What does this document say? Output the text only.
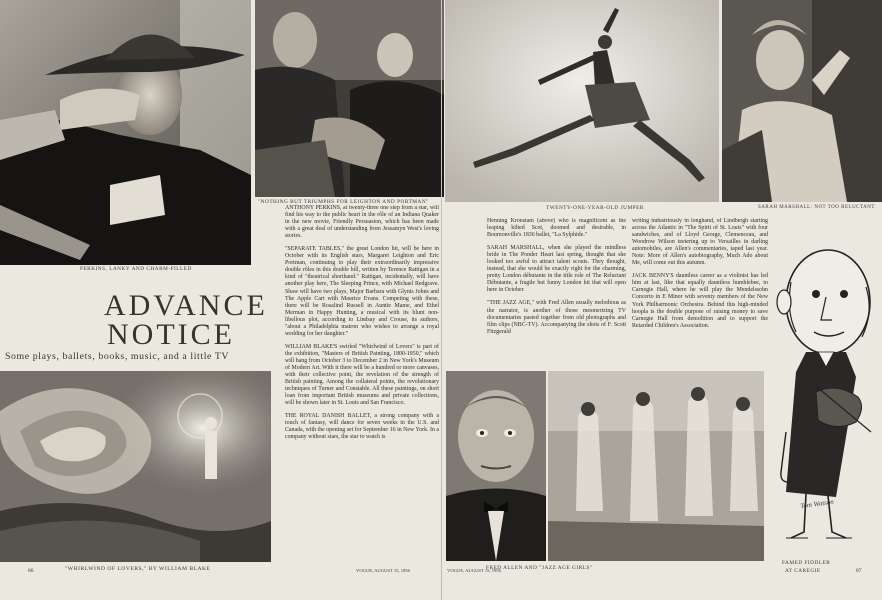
PERKINS, LANKY AND CHARM-FILLED
"NOTHING BUT TRIUMPHS FOR LEIGHTON AND PORTMAN"
ADVANCE
NOTICE
Some plays, ballets, books, music, and a little TV
"WHIRLWIND OF LOVERS," BY WILLIAM BLAKE

ANTHONY PERKINS, at twenty-three one step from a star, will find his way to the public heart in the rôle of an Indiana Quaker in the new movie, Friendly Persuasion, which has been made with a great deal of understanding from Jessamyn West's loving stories.

"SEPARATE TABLES," the great London hit, will be here in October with its English stars, Margaret Leighton and Eric Portman, continuing to play their extraordinarily impressive double rôles in this double bill, written by Terence Rattigan in a kind of "theatrical shorthand." Rattigan, incidentally, will have another play here, The Sleeping Prince, with Michael Redgrave. Shaw will have two plays, Major Barbara with Glynis Johns and The Apple Cart with Maurice Evans. Competing with these, there will be Rosalind Russell in Auntie Mame, and Ethel Merman in Happy Hunting, a musical with its blunt non-libellous plot, according to Lindsay and Crouse, its authors, "about a Philadelphia matron who wishes to arrange a royal wedding for her daughter."

WILLIAM BLAKE'S swirled "Whirlwind of Lovers" is part of the exhibition, "Masters of British Painting, 1800-1950," which will hang from October 3 to December 2 in New York's Museum of Modern Art. With it there will be a hundred or more canvases, with their collective point, the revelation of the strength of British painting. Among the collateral points, the revolutionary techniques of Turner and Constable. All these paintings, on short loan from important British museums and private collections, will be shown later in St. Louis and San Francisco.

THE ROYAL DANISH BALLET, a strong company with a touch of fantasy, will dance for seven weeks in the U.S. and Canada, with the opening set for September 16 in New York. In a company without stars, the star to watch is

86	VOGUE, AUGUST 15, 1956
TWENTY-ONE-YEAR-OLD JUMPER	SARAH MARSHALL: NOT TOO RELUCTANT

Henning Kronstam (above) who is magnificent as the leaping kilted Scot, doomed and desirable, in Bournonville's 1836 ballet, "La Sylphide."

SARAH MARSHALL, when she played the mindless bride in The Ponder Heart last spring, thought that she looked too awful to attract talent scouts. They thought, instead, that she would be exactly right for the charming, pretty London débutante in the title role of The Reluctant Débutante, a fragile but funny London hit that will open here in October.

"THE JAZZ AGE," with Fred Allen usually melodious as the narrator, is another of those mesmerizing TV documentaries pasted together from old photographs and film clips (NBC-TV). Accompanying the shots of F. Scott Fitzgerald

writing industriously in longhand, of Lindbergh starting across the Atlantic in "The Spirit of St. Louis" with four sandwiches, and of Lloyd George, Clemenceau, and Woodrow Wilson teetering up to Versailles in darling automobiles, are Allen's commentaries, taped last year. Note: More of Allen's autobiography, Much Ado about Me, will come out this autumn.

JACK BENNY'S dauntless career as a violinist has led him at last, like that equally dauntless bumblebee, to Carnegie Hall, where he will play the Mendelssohn Concerto in E Minor with seventy members of the New York Philharmonic Orchestra. Behind this high-minded hoopla is the double purpose of raising money to save Carnegie Hall from demolition and to support the Retarded Children's Association.

FRED ALLEN AND "JAZZ AGE GIRLS"
Tom Watson
FAMED FIDDLER
AT CAREGIE
VOGUE, AUGUST 15, 1956	87
